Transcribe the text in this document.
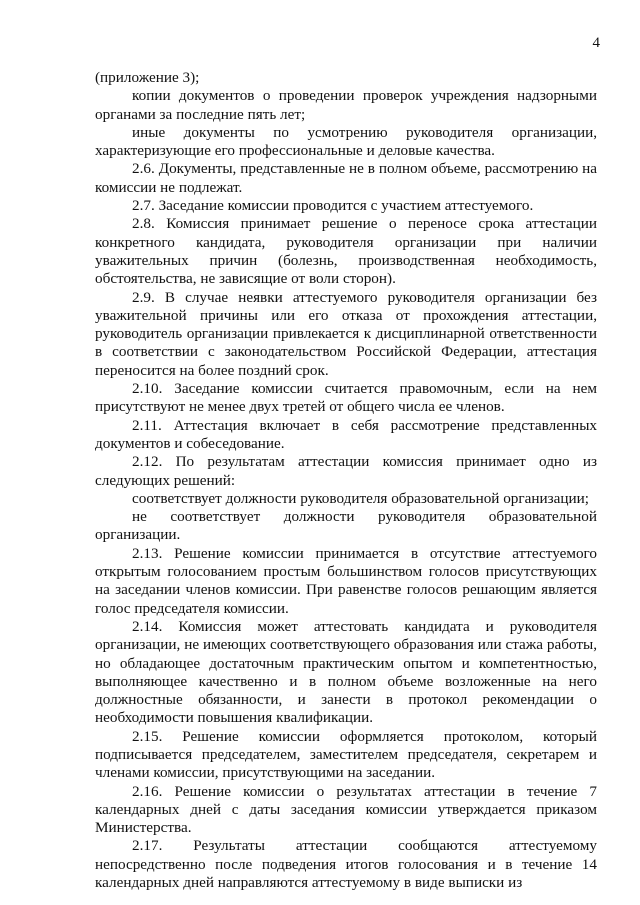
4

(приложение 3);

копии документов о проведении проверок учреждения надзорными органами за последние пять лет;

иные документы по усмотрению руководителя организации, характеризующие его профессиональные и деловые качества.

2.6. Документы, представленные не в полном объеме, рассмотрению на комиссии не подлежат.

2.7. Заседание комиссии проводится с участием аттестуемого.

2.8. Комиссия принимает решение о переносе срока аттестации конкретного кандидата, руководителя организации при наличии уважительных причин (болезнь, производственная необходимость, обстоятельства, не зависящие от воли сторон).

2.9. В случае неявки аттестуемого руководителя организации без уважительной причины или его отказа от прохождения аттестации, руководитель организации привлекается к дисциплинарной ответственности в соответствии с законодательством Российской Федерации, аттестация переносится на более поздний срок.

2.10. Заседание комиссии считается правомочным, если на нем присутствуют не менее двух третей от общего числа ее членов.

2.11. Аттестация включает в себя рассмотрение представленных документов и собеседование.

2.12. По результатам аттестации комиссия принимает одно из следующих решений:

соответствует должности руководителя образовательной организации;

не соответствует должности руководителя образовательной организации.

2.13. Решение комиссии принимается в отсутствие аттестуемого открытым голосованием простым большинством голосов присутствующих на заседании членов комиссии. При равенстве голосов решающим является голос председателя комиссии.

2.14. Комиссия может аттестовать кандидата и руководителя организации, не имеющих соответствующего образования или стажа работы, но обладающее достаточным практическим опытом и компетентностью, выполняющее качественно и в полном объеме возложенные на него должностные обязанности, и занести в протокол рекомендации о необходимости повышения квалификации.

2.15. Решение комиссии оформляется протоколом, который подписывается председателем, заместителем председателя, секретарем и членами комиссии, присутствующими на заседании.

2.16. Решение комиссии о результатах аттестации в течение 7 календарных дней с даты заседания комиссии утверждается приказом Министерства.

2.17. Результаты аттестации сообщаются аттестуемому непосредственно после подведения итогов голосования и в течение 14 календарных дней направляются аттестуемому в виде выписки из
